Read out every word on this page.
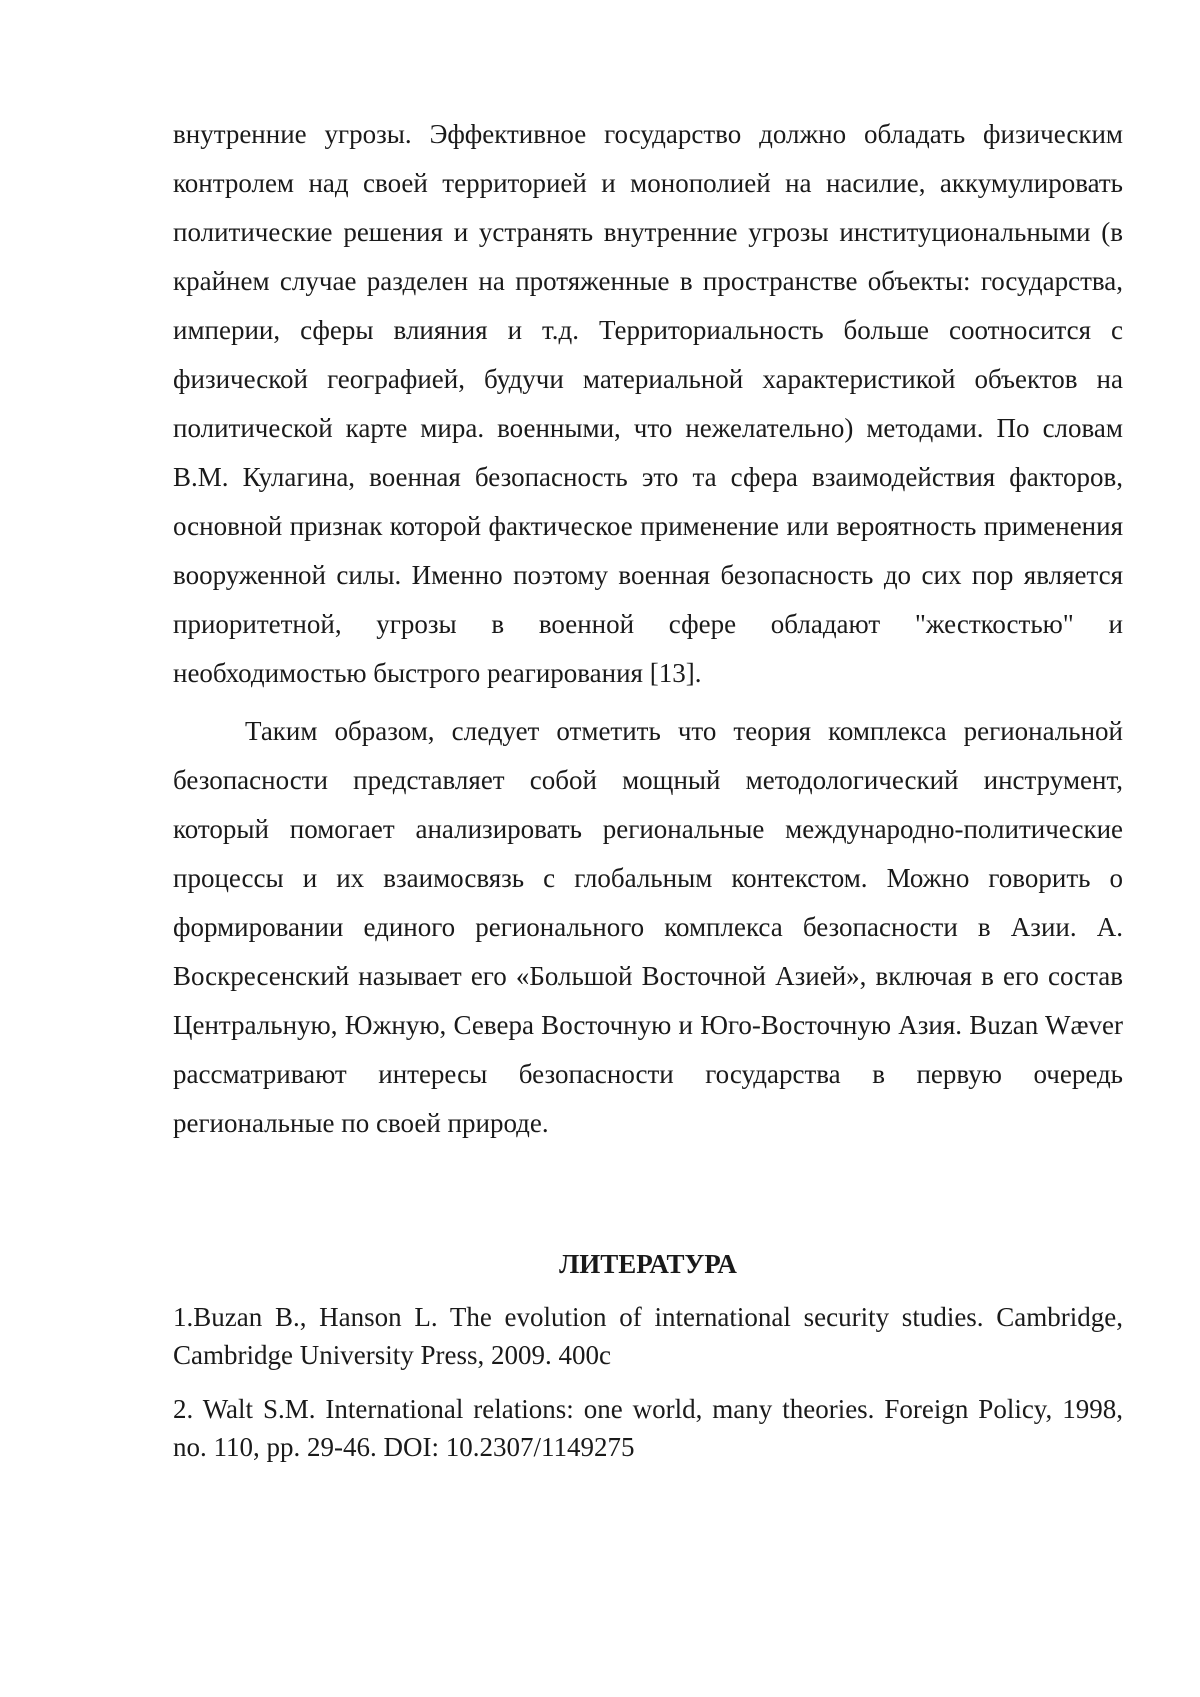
внутренние угрозы. Эффективное государство должно обладать физическим контролем над своей территорией и монополией на насилие, аккумулировать политические решения и устранять внутренние угрозы институциональными (в крайнем случае разделен на протяженные в пространстве объекты: государства, империи, сферы влияния и т.д. Территориальность больше соотносится с физической географией, будучи материальной характеристикой объектов на политической карте мира. военными, что нежелательно) методами. По словам В.М. Кулагина, военная безопасность это та сфера взаимодействия факторов, основной признак которой фактическое применение или вероятность применения вооруженной силы. Именно поэтому военная безопасность до сих пор является приоритетной, угрозы в военной сфере обладают "жесткостью" и необходимостью быстрого реагирования [13].

Таким образом, следует отметить что теория комплекса региональной безопасности представляет собой мощный методологический инструмент, который помогает анализировать региональные международно-политические процессы и их взаимосвязь с глобальным контекстом. Можно говорить о формировании единого регионального комплекса безопасности в Азии. А. Воскресенский называет его «Большой Восточной Азией», включая в его состав Центральную, Южную, Севера Восточную и Юго-Восточную Азия. Buzan Wæver рассматривают интересы безопасности государства в первую очередь региональные по своей природе.

ЛИТЕРАТУРА

1.Buzan B., Hanson L. The evolution of international security studies. Cambridge, Cambridge University Press, 2009. 400с

2. Walt S.M. International relations: one world, many theories. Foreign Policy, 1998, no. 110, pp. 29-46. DOI: 10.2307/1149275
